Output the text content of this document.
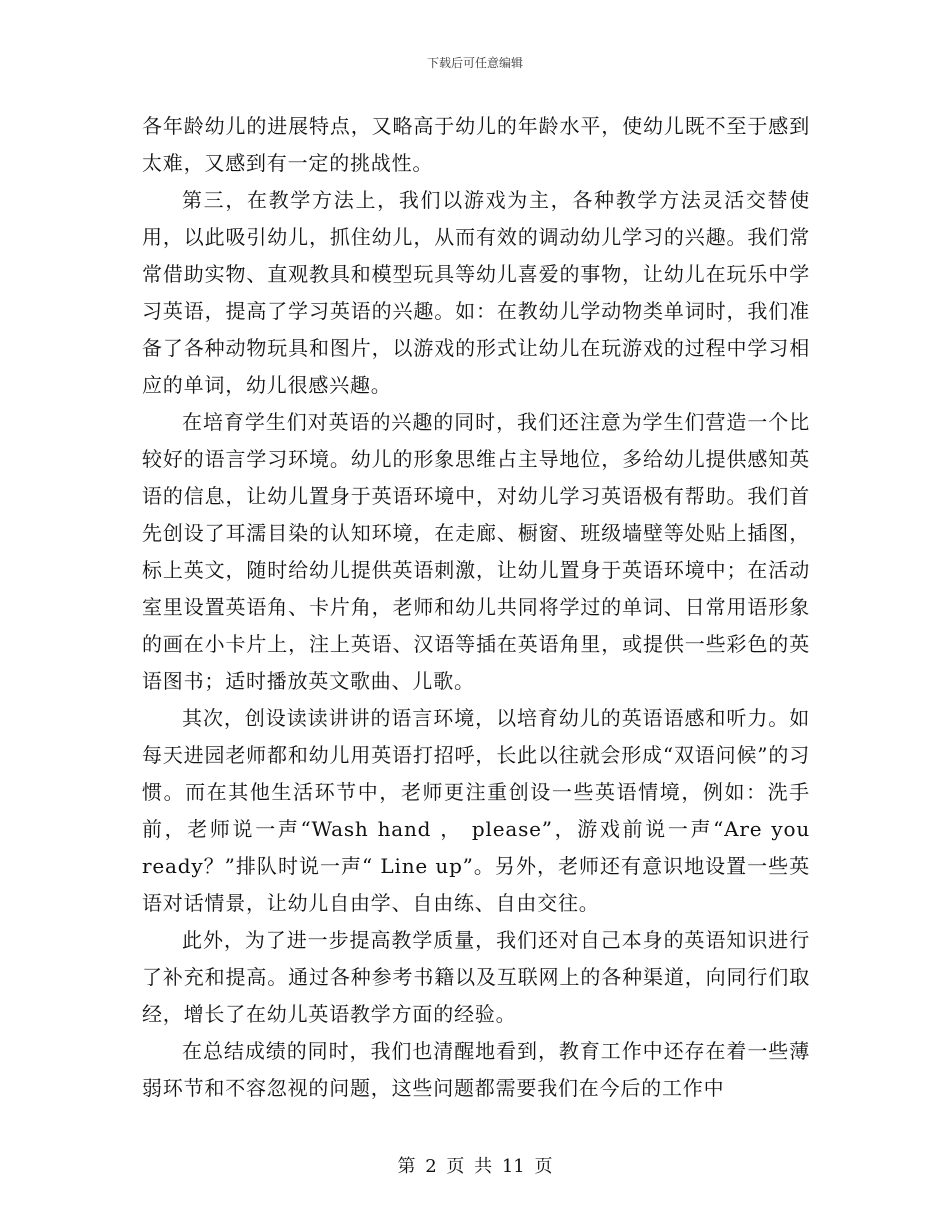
下载后可任意编辑

各年龄幼儿的进展特点，又略高于幼儿的年龄水平，使幼儿既不至于感到太难，又感到有一定的挑战性。

第三，在教学方法上，我们以游戏为主，各种教学方法灵活交替使用，以此吸引幼儿，抓住幼儿，从而有效的调动幼儿学习的兴趣。我们常常借助实物、直观教具和模型玩具等幼儿喜爱的事物，让幼儿在玩乐中学习英语，提高了学习英语的兴趣。如：在教幼儿学动物类单词时，我们准备了各种动物玩具和图片，以游戏的形式让幼儿在玩游戏的过程中学习相应的单词，幼儿很感兴趣。

在培育学生们对英语的兴趣的同时，我们还注意为学生们营造一个比较好的语言学习环境。幼儿的形象思维占主导地位，多给幼儿提供感知英语的信息，让幼儿置身于英语环境中，对幼儿学习英语极有帮助。我们首先创设了耳濡目染的认知环境，在走廊、橱窗、班级墙壁等处贴上插图，标上英文，随时给幼儿提供英语刺激，让幼儿置身于英语环境中；在活动室里设置英语角、卡片角，老师和幼儿共同将学过的单词、日常用语形象的画在小卡片上，注上英语、汉语等插在英语角里，或提供一些彩色的英语图书；适时播放英文歌曲、儿歌。

其次，创设读读讲讲的语言环境，以培育幼儿的英语语感和听力。如每天进园老师都和幼儿用英语打招呼，长此以往就会形成“双语问候”的习惯。而在其他生活环节中，老师更注重创设一些英语情境，例如：洗手前，老师说一声“Wash hand ， please”，游戏前说一声“Are you ready？”排队时说一声“ Line up”。另外，老师还有意识地设置一些英语对话情景，让幼儿自由学、自由练、自由交往。

此外，为了进一步提高教学质量，我们还对自己本身的英语知识进行了补充和提高。通过各种参考书籍以及互联网上的各种渠道，向同行们取经，增长了在幼儿英语教学方面的经验。

在总结成绩的同时，我们也清醒地看到，教育工作中还存在着一些薄弱环节和不容忽视的问题，这些问题都需要我们在今后的工作中

第 2 页 共 11 页
